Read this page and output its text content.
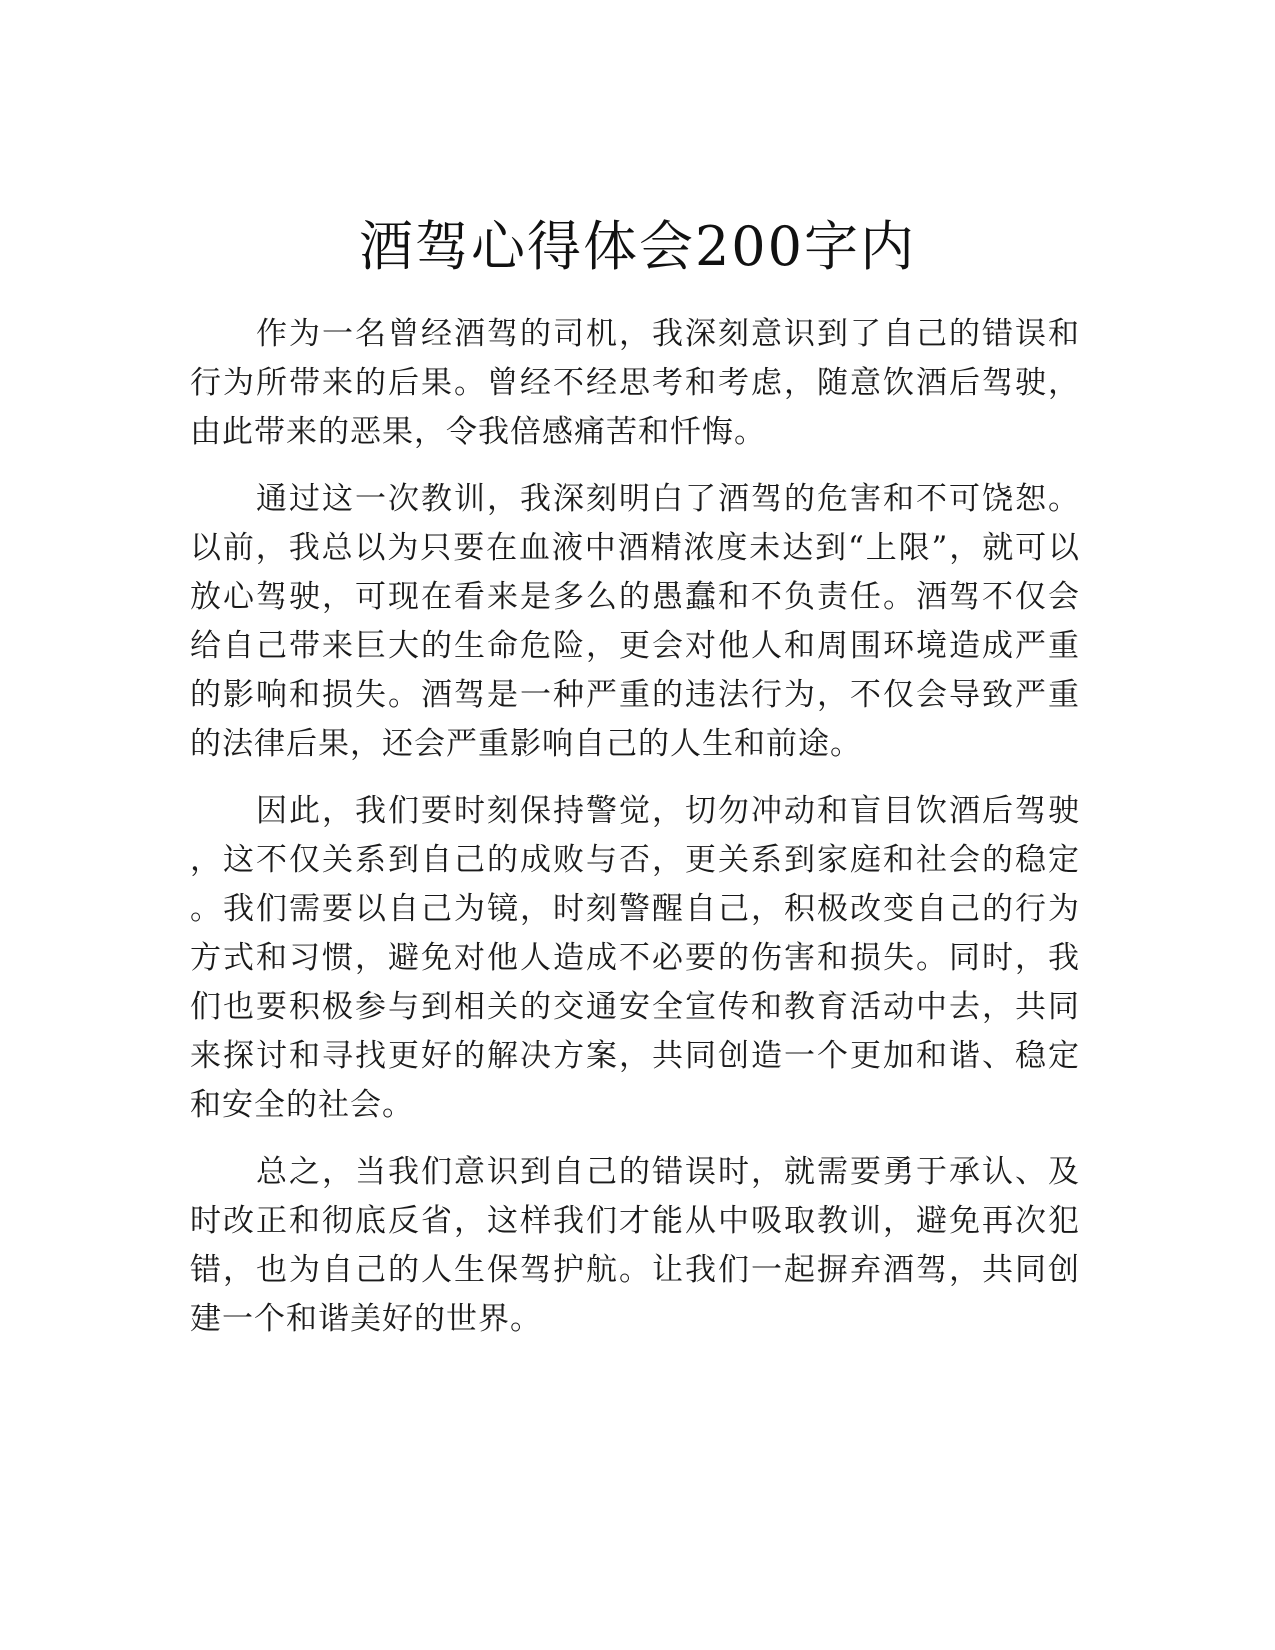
酒驾心得体会200字内
作为一名曾经酒驾的司机，我深刻意识到了自己的错误和
行为所带来的后果。曾经不经思考和考虑，随意饮酒后驾驶，
由此带来的恶果，令我倍感痛苦和忏悔。
通过这一次教训，我深刻明白了酒驾的危害和不可饶恕。
以前，我总以为只要在血液中酒精浓度未达到“上限”，就可以
放心驾驶，可现在看来是多么的愚蠢和不负责任。酒驾不仅会
给自己带来巨大的生命危险，更会对他人和周围环境造成严重
的影响和损失。酒驾是一种严重的违法行为，不仅会导致严重
的法律后果，还会严重影响自己的人生和前途。
因此，我们要时刻保持警觉，切勿冲动和盲目饮酒后驾驶
，这不仅关系到自己的成败与否，更关系到家庭和社会的稳定
。我们需要以自己为镜，时刻警醒自己，积极改变自己的行为
方式和习惯，避免对他人造成不必要的伤害和损失。同时，我
们也要积极参与到相关的交通安全宣传和教育活动中去，共同
来探讨和寻找更好的解决方案，共同创造一个更加和谐、稳定
和安全的社会。
总之，当我们意识到自己的错误时，就需要勇于承认、及
时改正和彻底反省，这样我们才能从中吸取教训，避免再次犯
错，也为自己的人生保驾护航。让我们一起摒弃酒驾，共同创
建一个和谐美好的世界。
